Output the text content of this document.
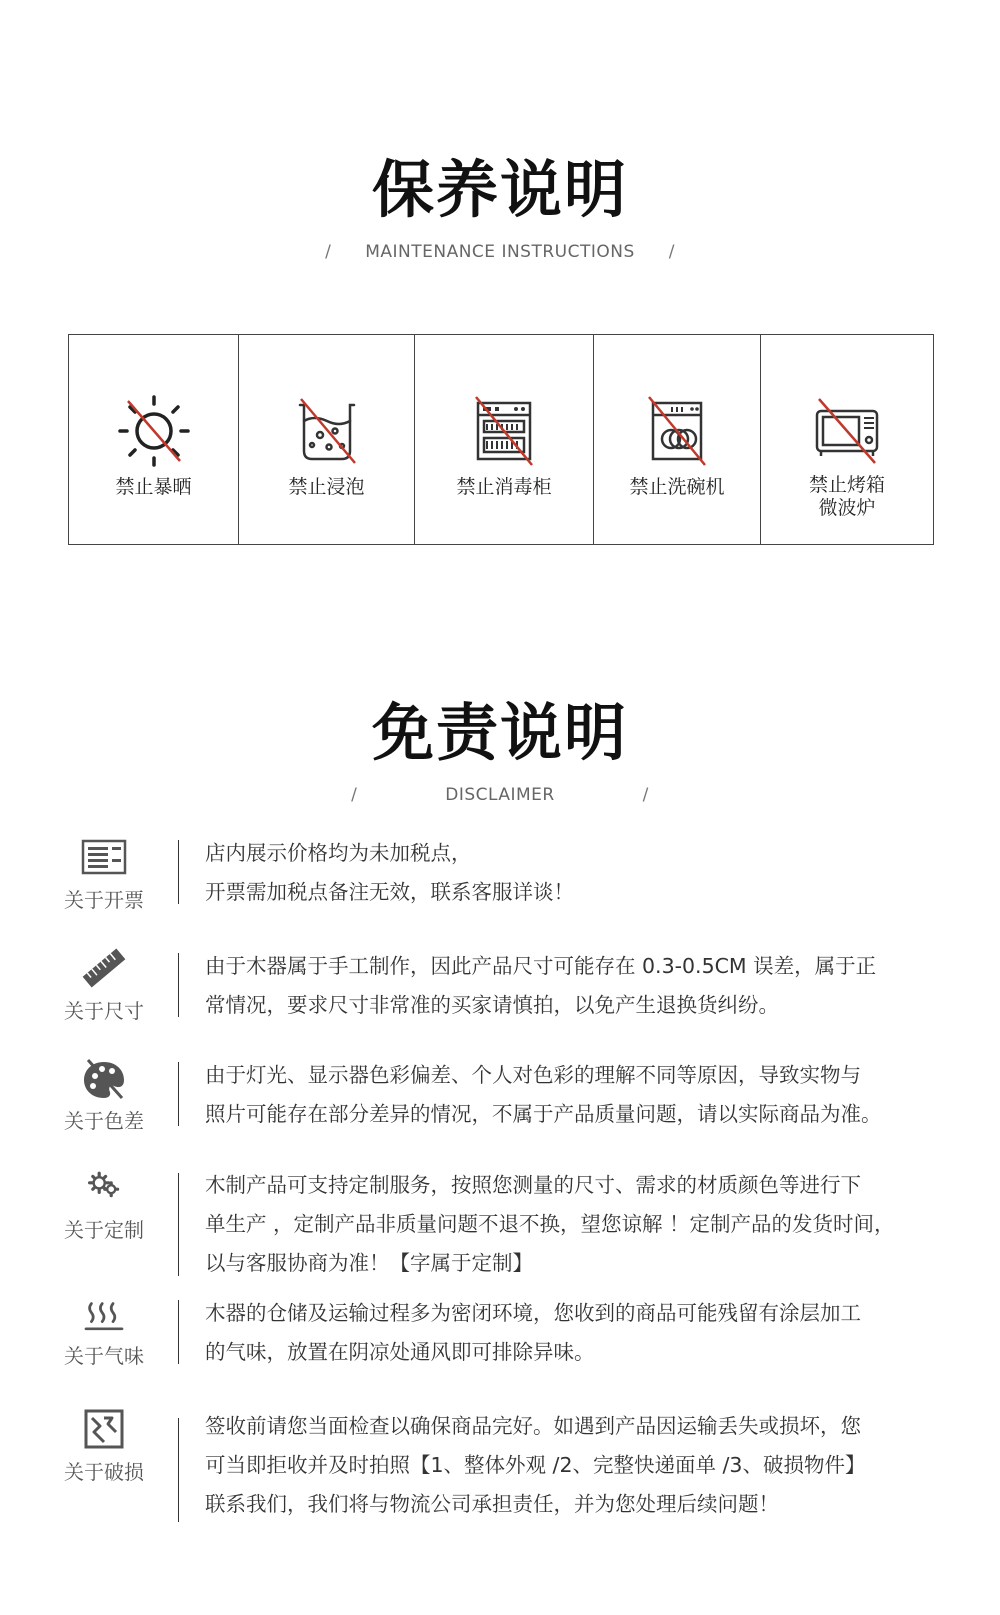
保养说明
/ MAINTENANCE INSTRUCTIONS /
禁止暴晒	禁止浸泡	禁止消毒柜	禁止洗碗机	禁止烤箱
微波炉
免责说明
/	DISCLAIMER	/
关于开票
店内展示价格均为未加税点，
开票需加税点备注无效，联系客服详谈！
关于尺寸
由于木器属于手工制作，因此产品尺寸可能存在 0.3-0.5CM 误差，属于正
常情况，要求尺寸非常准的买家请慎拍，以免产生退换货纠纷。
关于色差
由于灯光、显示器色彩偏差、个人对色彩的理解不同等原因，导致实物与
照片可能存在部分差异的情况，不属于产品质量问题，请以实际商品为准。
关于定制
木制产品可支持定制服务，按照您测量的尺寸、需求的材质颜色等进行下
单生产 ，定制产品非质量问题不退不换，望您谅解 ！定制产品的发货时间，
以与客服协商为准！【字属于定制】
关于气味
木器的仓储及运输过程多为密闭环境，您收到的商品可能残留有涂层加工
的气味，放置在阴凉处通风即可排除异味。
关于破损
签收前请您当面检查以确保商品完好。如遇到产品因运输丢失或损坏，您
可当即拒收并及时拍照【1、整体外观 /2、完整快递面单 /3、破损物件】
联系我们，我们将与物流公司承担责任，并为您处理后续问题！
